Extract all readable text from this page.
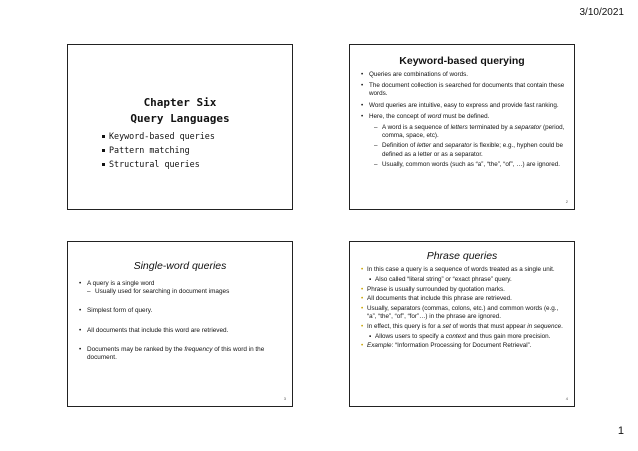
3/10/2021
Chapter Six
Query Languages
Keyword-based queries
Pattern matching
Structural queries
Keyword-based querying
• Queries are combinations of words.
• The document collection is searched for documents that contain these words.
• Word queries are intuitive, easy to express and provide fast ranking.
• Here, the concept of word must be defined.
– A word is a sequence of letters terminated by a separator (period, comma, space, etc).
– Definition of letter and separator is flexible; e.g., hyphen could be defined as a letter or as a separator.
– Usually, common words (such as “a”, “the”, “of”, …) are ignored.
2
Single-word queries
• A query is a single word
– Usually used for searching in document images
• Simplest form of query.
• All documents that include this word are retrieved.
• Documents may be ranked by the frequency of this word in the document.
3
Phrase queries
• In this case a query is a sequence of words treated as a single unit.
▪ Also called “literal string” or “exact phrase” query.
• Phrase is usually surrounded by quotation marks.
• All documents that include this phrase are retrieved.
• Usually, separators (commas, colons, etc.) and common words (e.g., “a”, “the”, “of”, “for”…) in the phrase are ignored.
• In effect, this query is for a set of words that must appear in sequence.
▪ Allows users to specify a context and thus gain more precision.
• Example: “Information Processing for Document Retrieval”.
4
1
